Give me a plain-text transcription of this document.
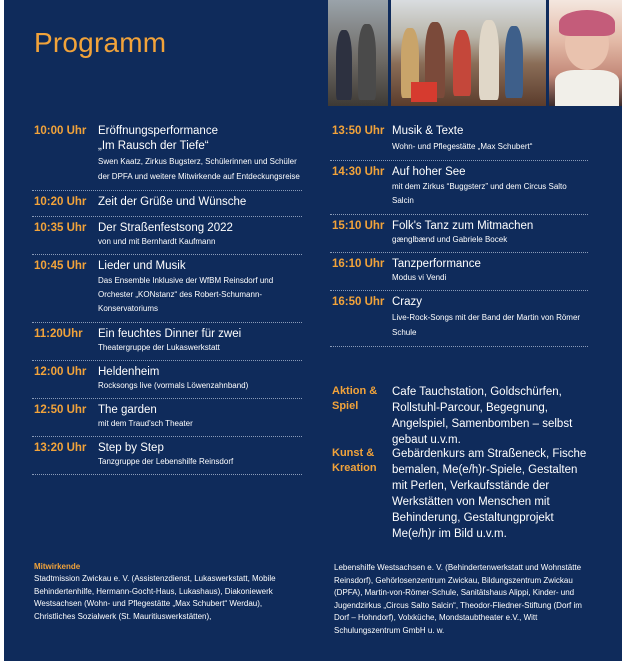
Programm
10:00 Uhr Eröffnungsperformance
„Im Rausch der Tiefe“
Swen Kaatz, Zirkus Bugsterz, Schülerinnen und Schüler der DPFA und weitere Mitwirkende auf Entdeckungsreise
10:20 Uhr Zeit der Grüße und Wünsche
10:35 Uhr Der Straßenfestsong 2022
von und mit Bernhardt Kaufmann
10:45 Uhr Lieder und Musik
Das Ensemble Inklusive der WfBM Reinsdorf und Orchester „KONstanz“ des Robert-Schumann-Konservatoriums
11:20Uhr Ein feuchtes Dinner für zwei
Theatergruppe der Lukaswerkstatt
12:00 Uhr Heldenheim
Rocksongs live (vormals Löwenzahnband)
12:50 Uhr The garden
mit dem Traud'sch Theater
13:20 Uhr Step by Step
Tanzgruppe der Lebenshilfe Reinsdorf
13:50 Uhr Musik & Texte
Wohn- und Pflegestätte „Max Schubert“
14:30 Uhr Auf hoher See
mit dem Zirkus “Buggsterz” und dem Circus Salto Salcin
15:10 Uhr Folk's Tanz zum Mitmachen
gænglbænd und Gabriele Bocek
16:10 Uhr Tanzperformance
Modus vi Vendi
16:50 Uhr Crazy
Live-Rock-Songs mit der Band der Martin von Römer Schule
Aktion & Spiel
Cafe Tauchstation, Goldschürfen, Rollstuhl-Parcour, Begegnung, Angelspiel, Samenbomben – selbst gebaut u.v.m.
Kunst & Kreation
Gebärdenkurs am Straßeneck, Fische bemalen, Me(e/h)r-Spiele, Gestalten mit Perlen, Verkaufsstände der Werkstätten von Menschen mit Behinderung, Gestaltungprojekt Me(e/h)r im Bild u.v.m.
Mitwirkende
Stadtmission Zwickau e. V. (Assistenzdienst, Lukaswerkstatt, Mobile Behindertenhilfe, Hermann-Gocht-Haus, Lukashaus), Diakoniewerk Westsachsen (Wohn- und Pflegestätte „Max Schubert“ Werdau), Christliches Sozialwerk (St. Mauritiuswerkstätten),
Lebenshilfe Westsachsen e. V. (Behindertenwerkstatt und Wohnstätte Reinsdorf), Gehörlosenzentrum Zwickau, Bildungszentrum Zwickau (DPFA), Martin-von-Römer-Schule, Sanitätshaus Alippi, Kinder- und Jugendzirkus „Circus Salto Salcin“, Theodor-Fliedner-Stiftung (Dorf im Dorf – Hohndorf), Volxküche, Mondstaubtheater e.V., Witt Schulungszentrum GmbH u. w.
